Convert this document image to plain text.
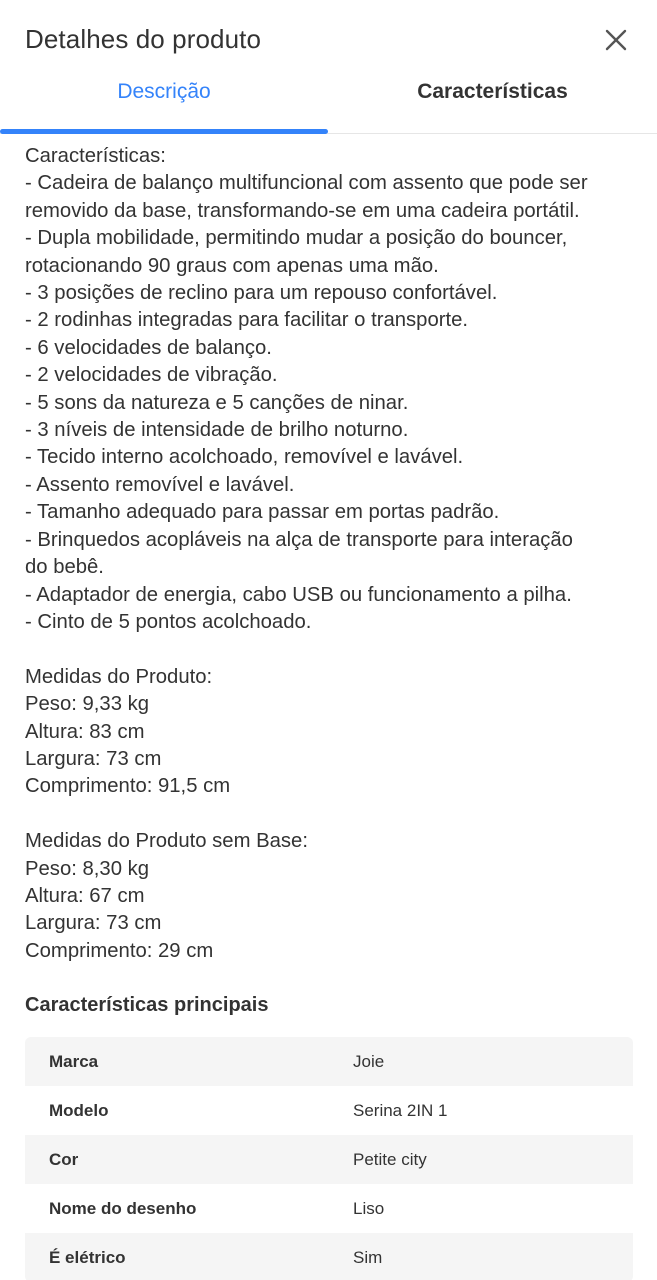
Detalhes do produto
Descrição	Características
Características:
- Cadeira de balanço multifuncional com assento que pode ser
removido da base, transformando-se em uma cadeira portátil.
- Dupla mobilidade, permitindo mudar a posição do bouncer,
rotacionando 90 graus com apenas uma mão.
- 3 posições de reclino para um repouso confortável.
- 2 rodinhas integradas para facilitar o transporte.
- 6 velocidades de balanço.
- 2 velocidades de vibração.
- 5 sons da natureza e 5 canções de ninar.
- 3 níveis de intensidade de brilho noturno.
- Tecido interno acolchoado, removível e lavável.
- Assento removível e lavável.
- Tamanho adequado para passar em portas padrão.
- Brinquedos acopláveis na alça de transporte para interação
do bebê.
- Adaptador de energia, cabo USB ou funcionamento a pilha.
- Cinto de 5 pontos acolchoado.
Medidas do Produto:
Peso: 9,33 kg
Altura: 83 cm
Largura: 73 cm
Comprimento: 91,5 cm
Medidas do Produto sem Base:
Peso: 8,30 kg
Altura: 67 cm
Largura: 73 cm
Comprimento: 29 cm
Características principais
Marca	Joie
Modelo	Serina 2IN 1
Cor	Petite city
Nome do desenho	Liso
É elétrico	Sim
